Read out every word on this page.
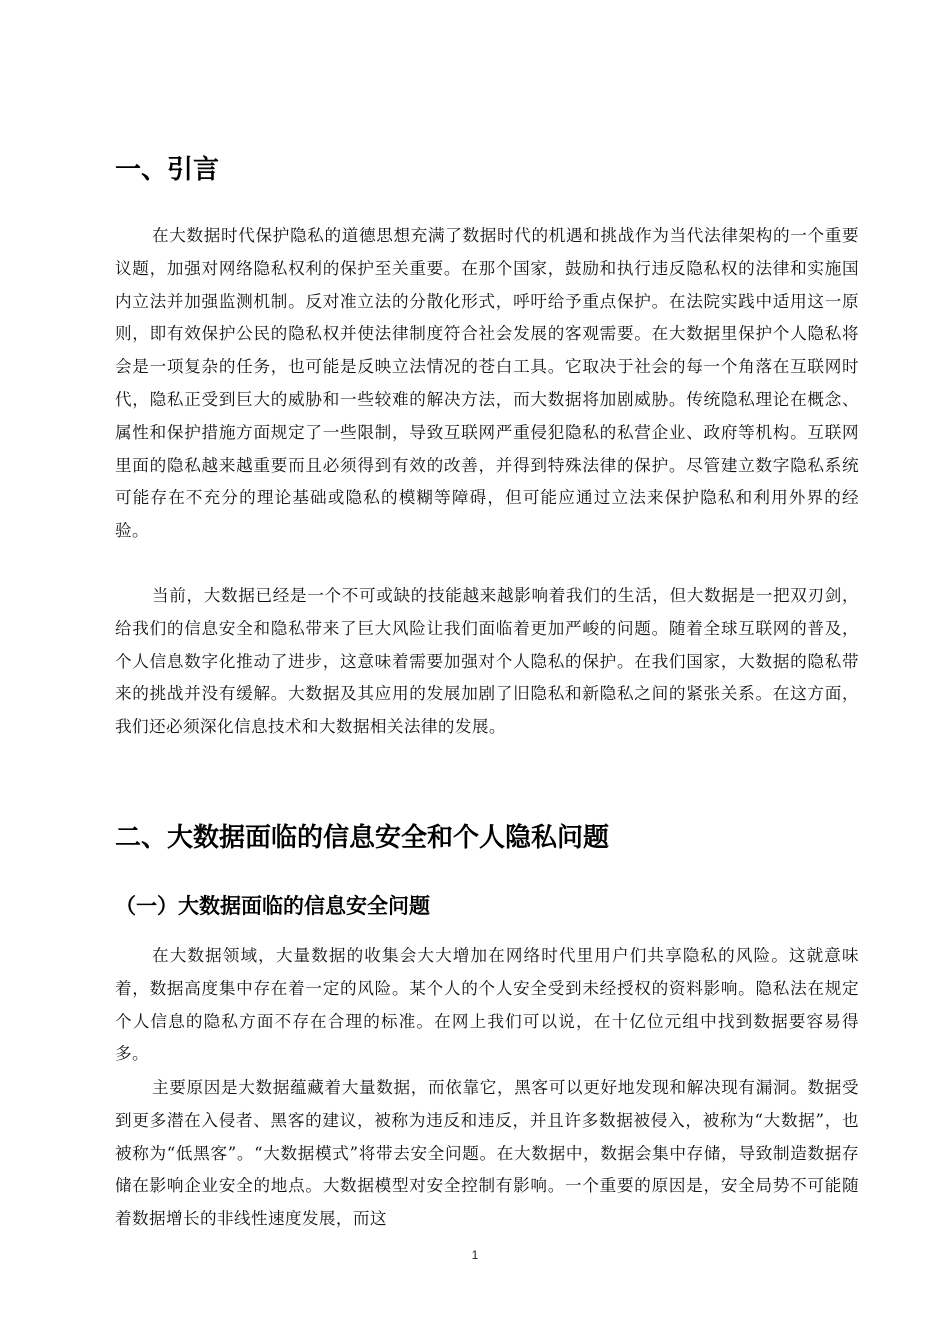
一、引言

在大数据时代保护隐私的道德思想充满了数据时代的机遇和挑战作为当代法律架构的一个重要议题，加强对网络隐私权利的保护至关重要。在那个国家，鼓励和执行违反隐私权的法律和实施国内立法并加强监测机制。反对准立法的分散化形式，呼吁给予重点保护。在法院实践中适用这一原则，即有效保护公民的隐私权并使法律制度符合社会发展的客观需要。在大数据里保护个人隐私将会是一项复杂的任务，也可能是反映立法情况的苍白工具。它取决于社会的每一个角落在互联网时代，隐私正受到巨大的威胁和一些较难的解决方法，而大数据将加剧威胁。传统隐私理论在概念、属性和保护措施方面规定了一些限制，导致互联网严重侵犯隐私的私营企业、政府等机构。互联网里面的隐私越来越重要而且必须得到有效的改善，并得到特殊法律的保护。尽管建立数字隐私系统可能存在不充分的理论基础或隐私的模糊等障碍，但可能应通过立法来保护隐私和利用外界的经验。

当前，大数据已经是一个不可或缺的技能越来越影响着我们的生活，但大数据是一把双刃剑，给我们的信息安全和隐私带来了巨大风险让我们面临着更加严峻的问题。随着全球互联网的普及，个人信息数字化推动了进步，这意味着需要加强对个人隐私的保护。在我们国家，大数据的隐私带来的挑战并没有缓解。大数据及其应用的发展加剧了旧隐私和新隐私之间的紧张关系。在这方面，我们还必须深化信息技术和大数据相关法律的发展。

二、大数据面临的信息安全和个人隐私问题
（一）大数据面临的信息安全问题

在大数据领域，大量数据的收集会大大增加在网络时代里用户们共享隐私的风险。这就意味着，数据高度集中存在着一定的风险。某个人的个人安全受到未经授权的资料影响。隐私法在规定个人信息的隐私方面不存在合理的标准。在网上我们可以说，在十亿位元组中找到数据要容易得多。

主要原因是大数据蕴藏着大量数据，而依靠它，黑客可以更好地发现和解决现有漏洞。数据受到更多潜在入侵者、黑客的建议，被称为违反和违反，并且许多数据被侵入，被称为“大数据”，也被称为“低黑客”。“大数据模式”将带去安全问题。在大数据中，数据会集中存储，导致制造数据存储在影响企业安全的地点。大数据模型对安全控制有影响。一个重要的原因是，安全局势不可能随着数据增长的非线性速度发展，而这

1
